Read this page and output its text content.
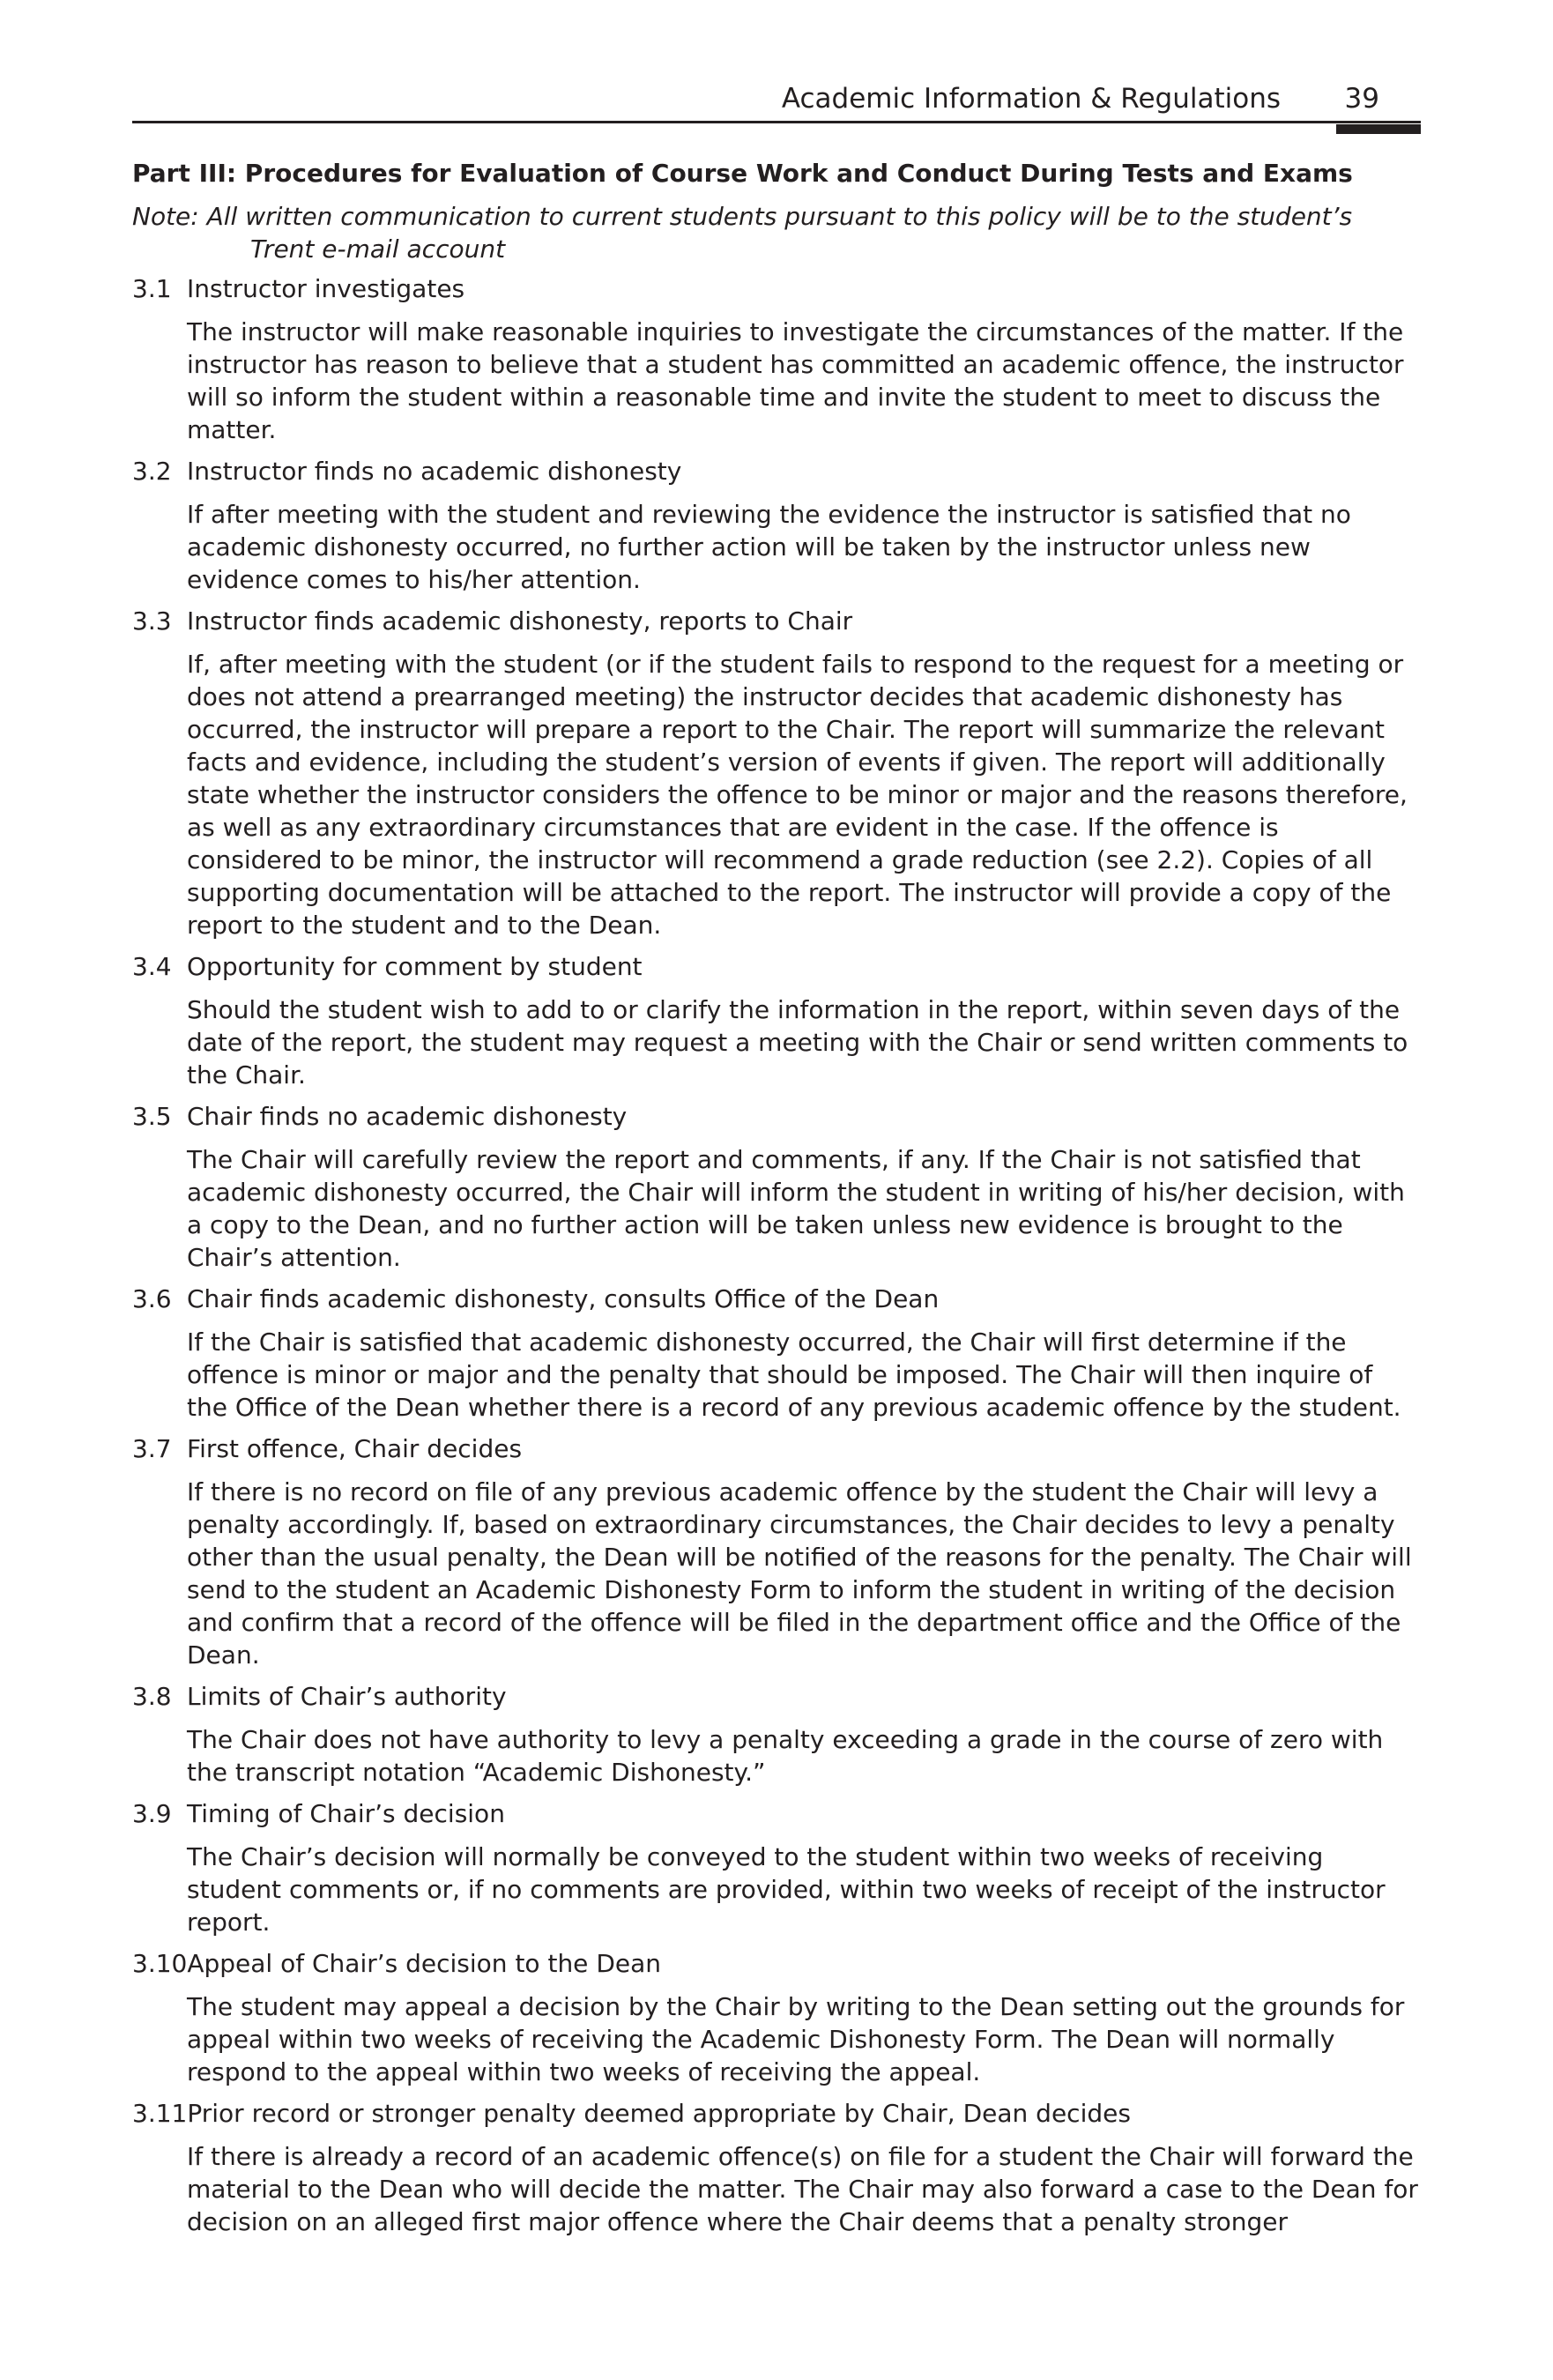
Academic Information & Regulations 39

Part III: Procedures for Evaluation of Course Work and Conduct During Tests and Exams

Note: All written communication to current students pursuant to this policy will be to the student’s Trent e-mail account

3.1 Instructor investigates

The instructor will make reasonable inquiries to investigate the circumstances of the matter. If the instructor has reason to believe that a student has committed an academic offence, the instructor will so inform the student within a reasonable time and invite the student to meet to discuss the matter.

3.2 Instructor finds no academic dishonesty

If after meeting with the student and reviewing the evidence the instructor is satisfied that no academic dishonesty occurred, no further action will be taken by the instructor unless new evidence comes to his/her attention.

3.3 Instructor finds academic dishonesty, reports to Chair

If, after meeting with the student (or if the student fails to respond to the request for a meeting or does not attend a prearranged meeting) the instructor decides that academic dishonesty has occurred, the instructor will prepare a report to the Chair. The report will summarize the relevant facts and evidence, including the student’s version of events if given. The report will additionally state whether the instructor considers the offence to be minor or major and the reasons therefore, as well as any extraordinary circumstances that are evident in the case. If the offence is considered to be minor, the instructor will recommend a grade reduction (see 2.2). Copies of all supporting documentation will be attached to the report. The instructor will provide a copy of the report to the student and to the Dean.

3.4 Opportunity for comment by student

Should the student wish to add to or clarify the information in the report, within seven days of the date of the report, the student may request a meeting with the Chair or send written comments to the Chair.

3.5 Chair finds no academic dishonesty

The Chair will carefully review the report and comments, if any. If the Chair is not satisfied that academic dishonesty occurred, the Chair will inform the student in writing of his/her decision, with a copy to the Dean, and no further action will be taken unless new evidence is brought to the Chair’s attention.

3.6 Chair finds academic dishonesty, consults Office of the Dean

If the Chair is satisfied that academic dishonesty occurred, the Chair will first determine if the offence is minor or major and the penalty that should be imposed. The Chair will then inquire of the Office of the Dean whether there is a record of any previous academic offence by the student.

3.7 First offence, Chair decides

If there is no record on file of any previous academic offence by the student the Chair will levy a penalty accordingly. If, based on extraordinary circumstances, the Chair decides to levy a penalty other than the usual penalty, the Dean will be notified of the reasons for the penalty. The Chair will send to the student an Academic Dishonesty Form to inform the student in writing of the decision and confirm that a record of the offence will be filed in the department office and the Office of the Dean.

3.8 Limits of Chair’s authority

The Chair does not have authority to levy a penalty exceeding a grade in the course of zero with the transcript notation “Academic Dishonesty.”

3.9 Timing of Chair’s decision

The Chair’s decision will normally be conveyed to the student within two weeks of receiving student comments or, if no comments are provided, within two weeks of receipt of the instructor report.

3.10Appeal of Chair’s decision to the Dean

The student may appeal a decision by the Chair by writing to the Dean setting out the grounds for appeal within two weeks of receiving the Academic Dishonesty Form. The Dean will normally respond to the appeal within two weeks of receiving the appeal.

3.11Prior record or stronger penalty deemed appropriate by Chair, Dean decides

If there is already a record of an academic offence(s) on file for a student the Chair will forward the material to the Dean who will decide the matter. The Chair may also forward a case to the Dean for decision on an alleged first major offence where the Chair deems that a penalty stronger
